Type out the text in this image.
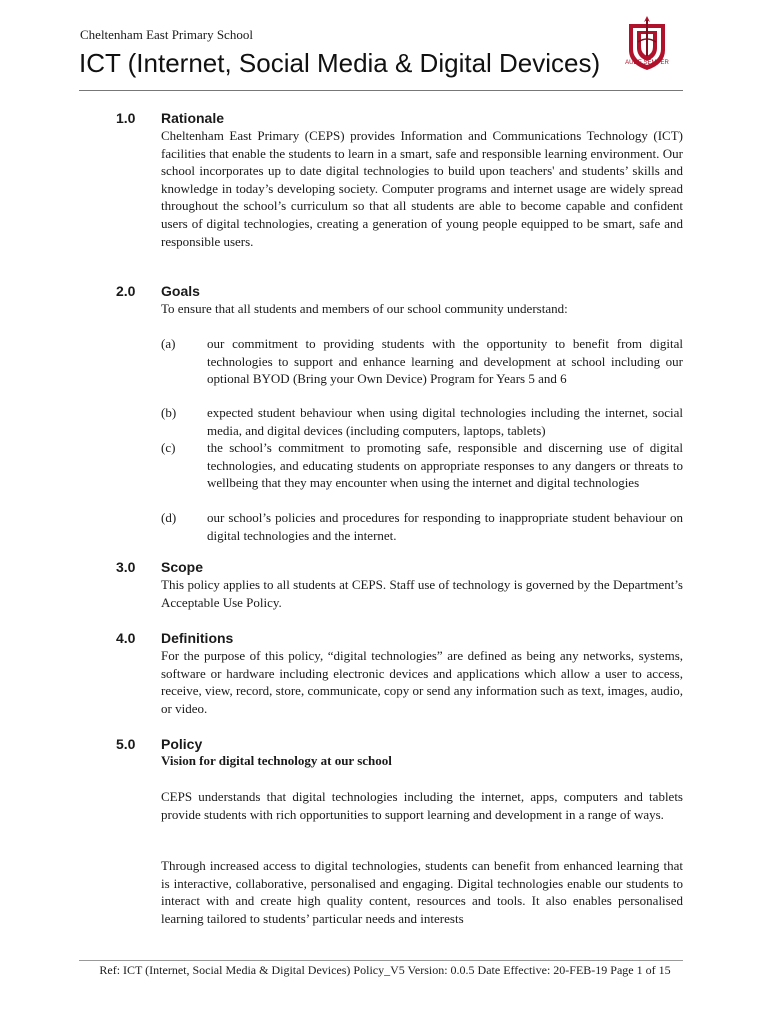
Cheltenham East Primary School
ICT (Internet, Social Media & Digital Devices)	AUDE SEMPER
1.0 Rationale

Cheltenham East Primary (CEPS) provides Information and Communications Technology (ICT) facilities that enable the students to learn in a smart, safe and responsible learning environment. Our school incorporates up to date digital technologies to build upon teachers' and students’ skills and knowledge in today’s developing society. Computer programs and internet usage are widely spread throughout the school’s curriculum so that all students are able to become capable and confident users of digital technologies, creating a generation of young people equipped to be smart, safe and responsible users.

2.0 Goals

To ensure that all students and members of our school community understand:

(a) our commitment to providing students with the opportunity to benefit from digital technologies to support and enhance learning and development at school including our optional BYOD (Bring your Own Device) Program for Years 5 and 6

(b) expected student behaviour when using digital technologies including the internet, social media, and digital devices (including computers, laptops, tablets)

(c) the school’s commitment to promoting safe, responsible and discerning use of digital technologies, and educating students on appropriate responses to any dangers or threats to wellbeing that they may encounter when using the internet and digital technologies

(d) our school’s policies and procedures for responding to inappropriate student behaviour on digital technologies and the internet.

3.0 Scope

This policy applies to all students at CEPS. Staff use of technology is governed by the Department’s Acceptable Use Policy.

4.0 Definitions

For the purpose of this policy, “digital technologies” are defined as being any networks, systems, software or hardware including electronic devices and applications which allow a user to access, receive, view, record, store, communicate, copy or send any information such as text, images, audio, or video.

5.0 Policy
Vision for digital technology at our school

CEPS understands that digital technologies including the internet, apps, computers and tablets provide students with rich opportunities to support learning and development in a range of ways.

Through increased access to digital technologies, students can benefit from enhanced learning that is interactive, collaborative, personalised and engaging. Digital technologies enable our students to interact with and create high quality content, resources and tools. It also enables personalised learning tailored to students’ particular needs and interests

Ref: ICT (Internet, Social Media & Digital Devices) Policy_V5 Version: 0.0.5 Date Effective: 20-FEB-19 Page 1 of 15
